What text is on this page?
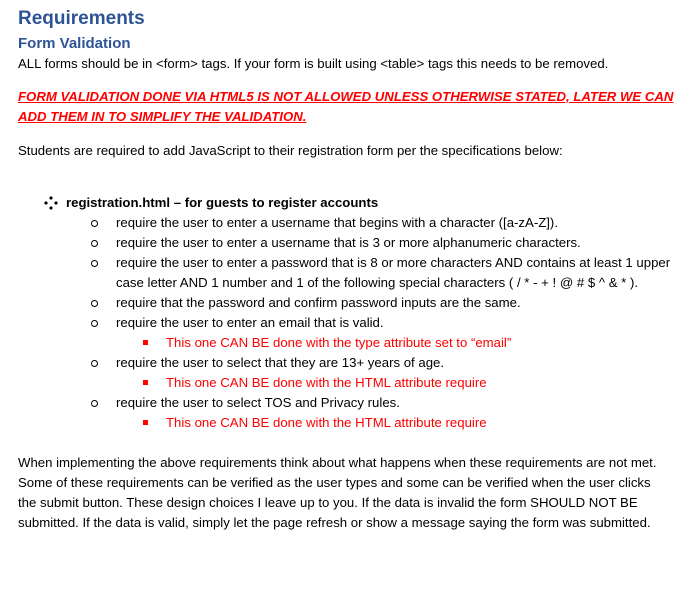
Requirements
Form Validation

ALL forms should be in <form> tags. If your form is built using <table> tags this needs to be removed.

FORM VALIDATION DONE VIA HTML5 IS NOT ALLOWED UNLESS OTHERWISE STATED, LATER WE CAN ADD THEM IN TO SIMPLIFY THE VALIDATION.

Students are required to add JavaScript to their registration form per the specifications below:

registration.html – for guests to register accounts
require the user to enter a username that begins with a character ([a-zA-Z]).
require the user to enter a username that is 3 or more alphanumeric characters.
require the user to enter a password that is 8 or more characters AND contains at least 1 upper case letter AND 1 number and 1 of the following special characters ( / * - + ! @ # $ ^ & * ).
require that the password and confirm password inputs are the same.
require the user to enter an email that is valid.
This one CAN BE done with the type attribute set to “email”
require the user to select that they are 13+ years of age.
This one CAN BE done with the HTML attribute require
require the user to select TOS and Privacy rules.
This one CAN BE done with the HTML attribute require

When implementing the above requirements think about what happens when these requirements are not met. Some of these requirements can be verified as the user types and some can be verified when the user clicks the submit button. These design choices I leave up to you. If the data is invalid the form SHOULD NOT BE submitted. If the data is valid, simply let the page refresh or show a message saying the form was submitted.
